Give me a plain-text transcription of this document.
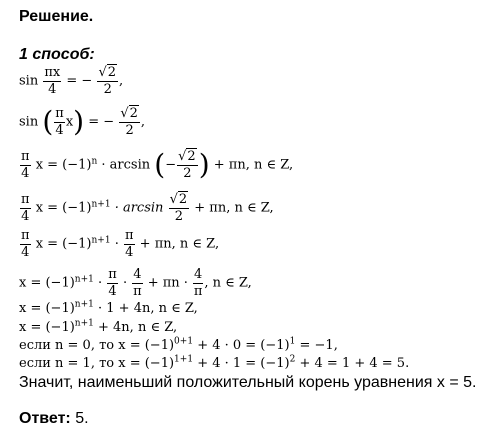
Решение.
1 способ:
$\sin \frac{\pi x}{4}$ = − $\frac{√2}{2}$ ,
sin ( $\frac{\pi}{4} x$) = − $\frac{√2}{2}$ ,
$\frac{\pi}{4}$ $x = (-1)^n \cdot \arcsin$ (− $\frac{√2}{2}$ ) + πn, n ∈ Z,
$\frac{\pi}{4}$ $x = (-1)^{n+1} \cdot \arcsin \frac{√2}{2} + \pi n$, n ∈ Z,
$\frac{\pi}{4}$ $x = (-1)^{n+1} \cdot \frac{\pi}{4} + \pi n$, n ∈ Z,
$x = (-1)^{n+1} \cdot \frac{\pi}{4} \cdot \frac{4}{\pi} + \pi n \cdot \frac{4}{\pi}$ , n ∈ Z,
$x = (-1)^{n+1} \cdot 1 + 4n$, n ∈ Z,
$x = (-1)^{n+1} + 4n$, n ∈ Z,
если n = 0, то $x = (-1)^{0+1} + 4 \cdot 0 = (-1)^1 = -1$,
если n = 1, то $x = (-1)^{1+1} + 4 \cdot 1 = (-1)^2 + 4 = 1 + 4 = 5$.
Значит, наименьший положительный корень уравнения x = 5.
Ответ: 5.
